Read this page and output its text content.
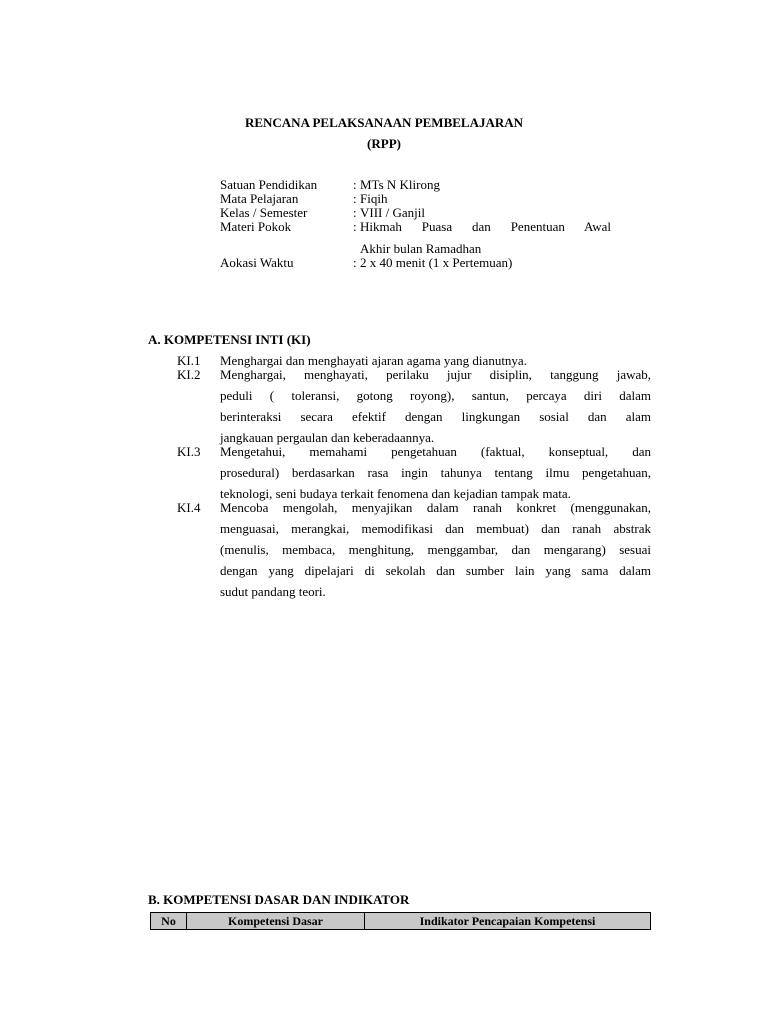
RENCANA PELAKSANAAN PEMBELAJARAN
(RPP)
Satuan Pendidikan	: MTs N Klirong
Mata Pelajaran	: Fiqih
Kelas / Semester	: VIII / Ganjil
Materi Pokok	: Hikmah  Puasa  dan  Penentuan  Awal
Akhir bulan Ramadhan
Aokasi Waktu	: 2 x 40 menit (1 x Pertemuan)
A. KOMPETENSI INTI (KI)
KI.1 Menghargai dan menghayati ajaran agama yang dianutnya.
KI.2 Menghargai, menghayati, perilaku jujur disiplin, tanggung jawab,
peduli ( toleransi, gotong royong), santun, percaya diri dalam
berinteraksi secara efektif dengan lingkungan sosial dan alam
jangkauan pergaulan dan keberadaannya.
KI.3 Mengetahui, memahami pengetahuan (faktual, konseptual, dan
prosedural) berdasarkan rasa ingin tahunya tentang ilmu pengetahuan,
teknologi, seni budaya terkait fenomena dan kejadian tampak mata.
KI.4 Mencoba mengolah, menyajikan dalam ranah konkret (menggunakan,
menguasai, merangkai, memodifikasi dan membuat) dan ranah abstrak
(menulis, membaca, menghitung, menggambar, dan mengarang) sesuai
dengan yang dipelajari di sekolah dan sumber lain yang sama dalam
sudut pandang teori.
B. KOMPETENSI DASAR DAN INDIKATOR
No	Kompetensi Dasar	Indikator Pencapaian Kompetensi
